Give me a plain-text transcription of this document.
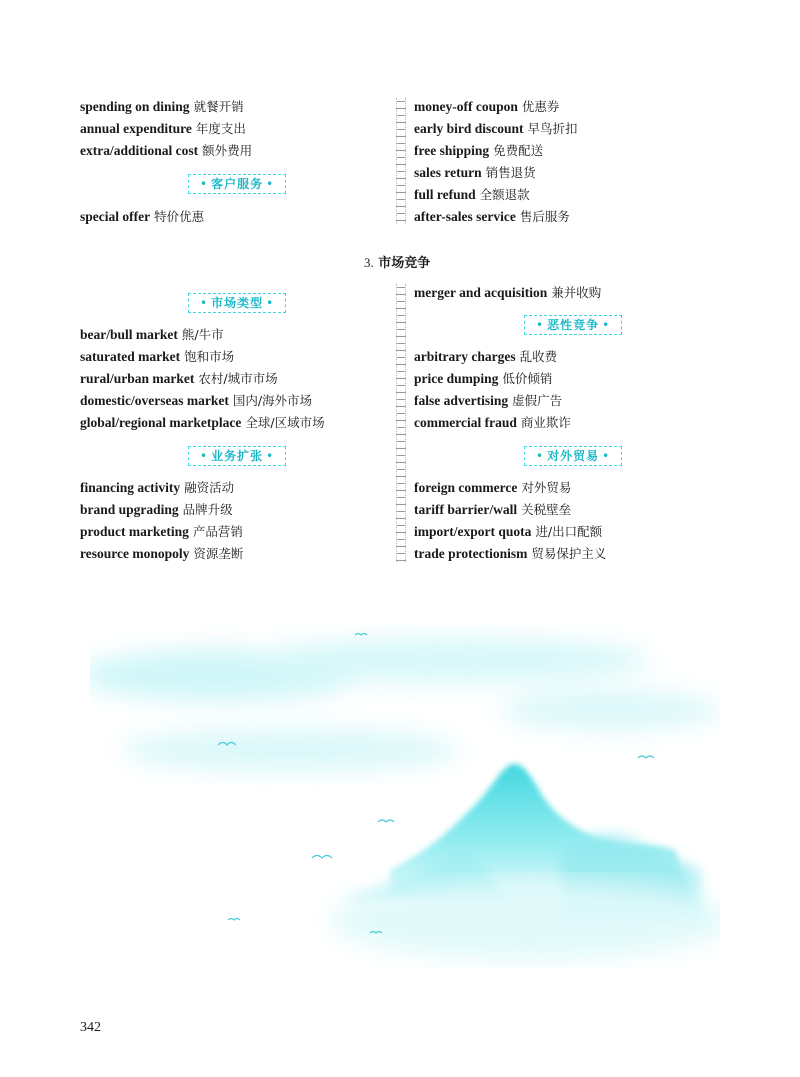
spending on dining 就餐开销
annual expenditure 年度支出
extra/additional cost 额外费用
• 客户服务 •
special offer 特价优惠
• 市场类型 •
bear/bull market 熊/牛市
saturated market 饱和市场
rural/urban market 农村/城市市场
domestic/overseas market 国内/海外市场
global/regional marketplace 全球/区域市场
• 业务扩张 •
financing activity 融资活动
brand upgrading 品牌升级
product marketing 产品营销
resource monopoly 资源垄断
money-off coupon 优惠券
early bird discount 早鸟折扣
free shipping 免费配送
sales return 销售退货
full refund 全额退款
after-sales service 售后服务
3. 市场竞争
merger and acquisition 兼并收购
• 恶性竞争 •
arbitrary charges 乱收费
price dumping 低价倾销
false advertising 虚假广告
commercial fraud 商业欺诈
• 对外贸易 •
foreign commerce 对外贸易
tariff barrier/wall 关税壁垒
import/export quota 进/出口配额
trade protectionism 贸易保护主义
342
